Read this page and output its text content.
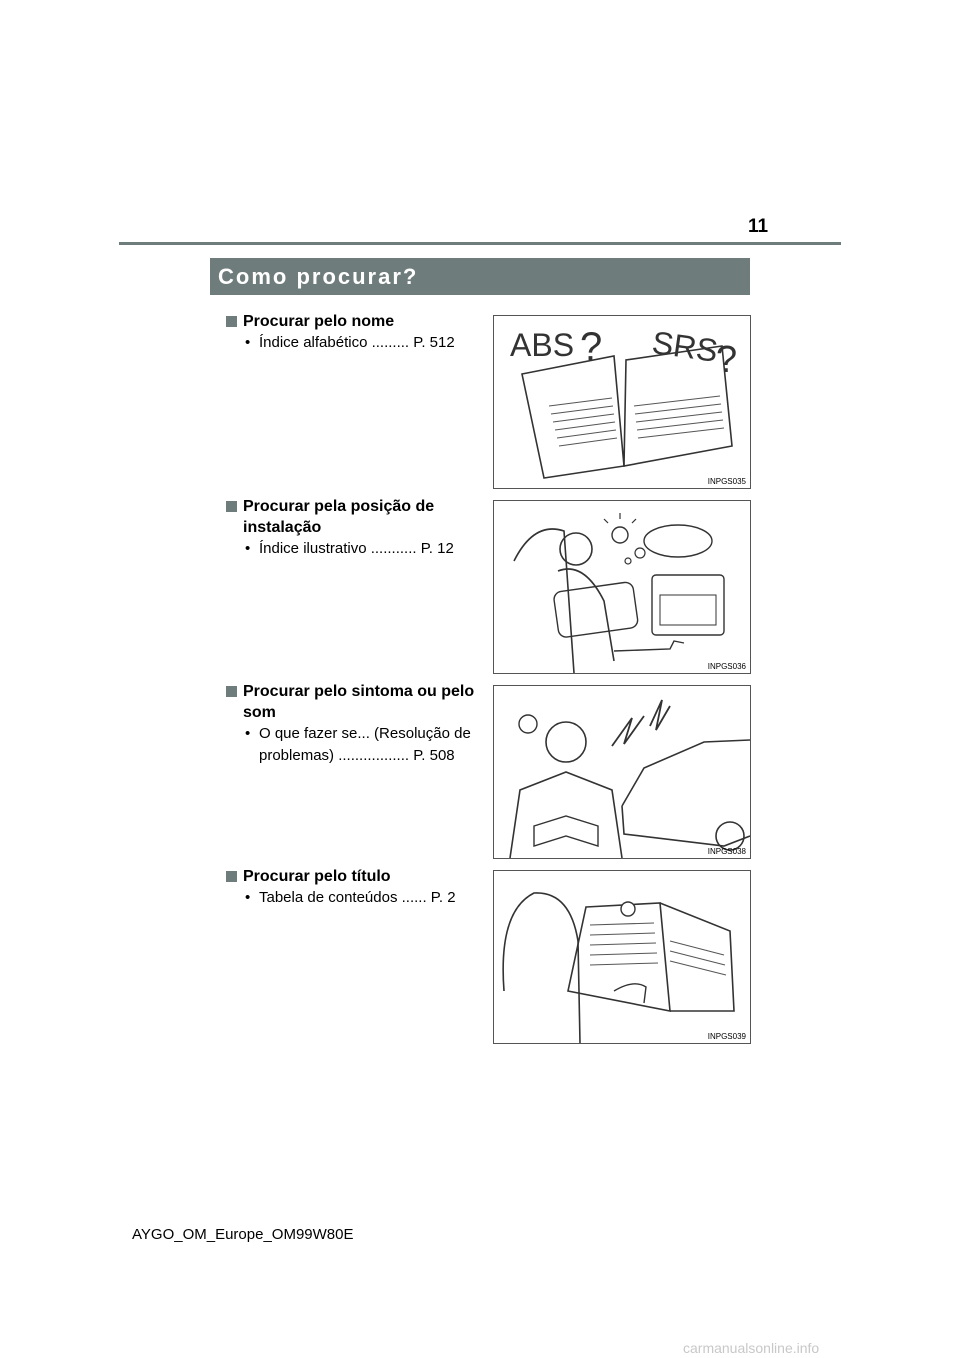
11
Como procurar?
Procurar pelo nome
• Índice alfabético ......... P. 512	ABS ? SRS
?
INPGS035
Procurar pela posição de instalação
• Índice ilustrativo ........... P. 12
INPGS036
Procurar pelo sintoma ou pelo som
• O que fazer se... (Resolução de problemas) ................. P. 508
INPGS038
Procurar pelo título
• Tabela de conteúdos ...... P. 2
INPGS039
AYGO_OM_Europe_OM99W80E
carmanualsonline.info
